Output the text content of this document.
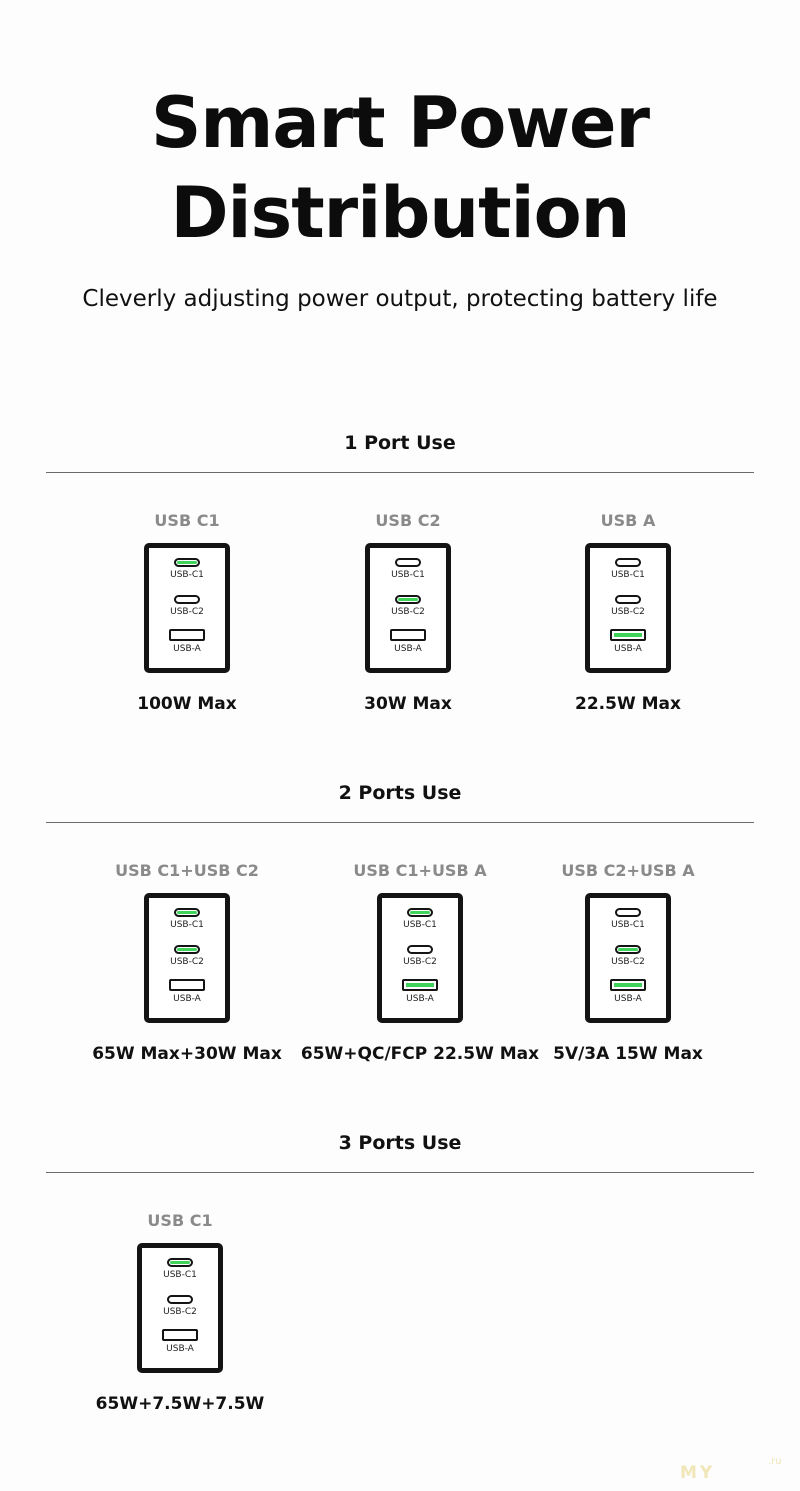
Smart Power
Distribution
Cleverly adjusting power output, protecting battery life
1 Port Use
2 Ports Use
3 Ports Use
USB C1
USB-C1
USB-C2
USB-A
100W Max
USB C2
USB-C1
USB-C2
USB-A
30W Max
USB A
USB-C1
USB-C2
USB-A
22.5W Max
USB C1+USB C2
USB-C1
USB-C2
USB-A
65W Max+30W Max
USB C1+USB A
USB-C1
USB-C2
USB-A
65W+QC/FCP 22.5W Max
USB C2+USB A
USB-C1
USB-C2
USB-A
5V/3A 15W Max
USB C1
USB-C1
USB-C2
USB-A
65W+7.5W+7.5W
MY
.ru
